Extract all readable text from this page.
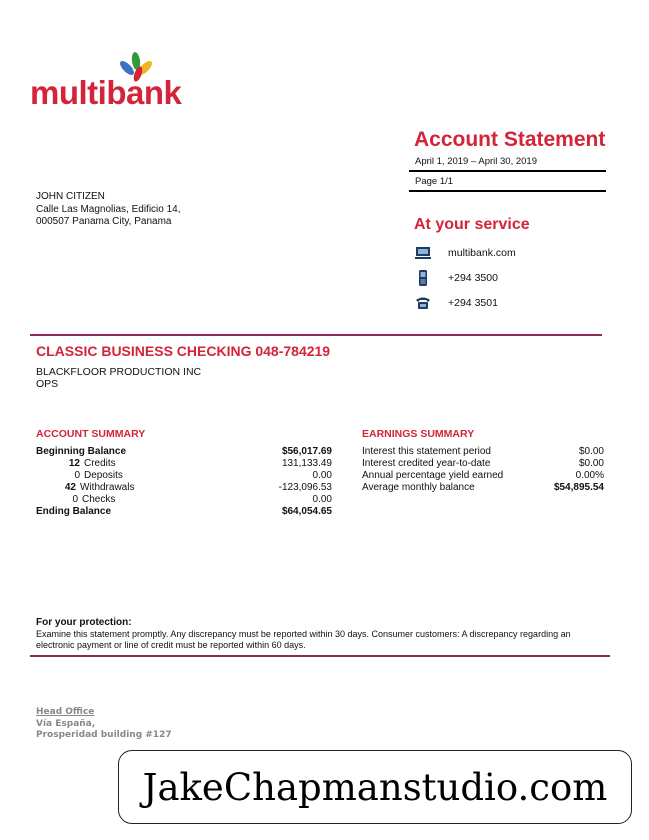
multibank
Account Statement
April 1, 2019 – April 30, 2019
Page 1/1
JOHN CITIZEN
Calle Las Magnolias, Edificio 14,
000507 Panama City, Panama	At your service
multibank.com
+294 3500
+294 3501
CLASSIC BUSINESS CHECKING 048-784219
BLACKFLOOR PRODUCTION INC
OPS
ACCOUNT SUMMARY
Beginning Balance	$56,017.69
12 Credits	131,133.49
0 Deposits	0.00
42 Withdrawals	-123,096.53
0 Checks	0.00
Ending Balance	$64,054.65
EARNINGS SUMMARY
Interest this statement period	$0.00
Interest credited year-to-date	$0.00
Annual percentage yield earned	0.00%
Average monthly balance	$54,895.54
For your protection:
Examine this statement promptly. Any discrepancy must be reported within 30 days. Consumer customers: A discrepancy regarding an electronic payment or line of credit must be reported within 60 days.
Head Office
Vía España,
Prosperidad building #127
JakeChapmanstudio.com
